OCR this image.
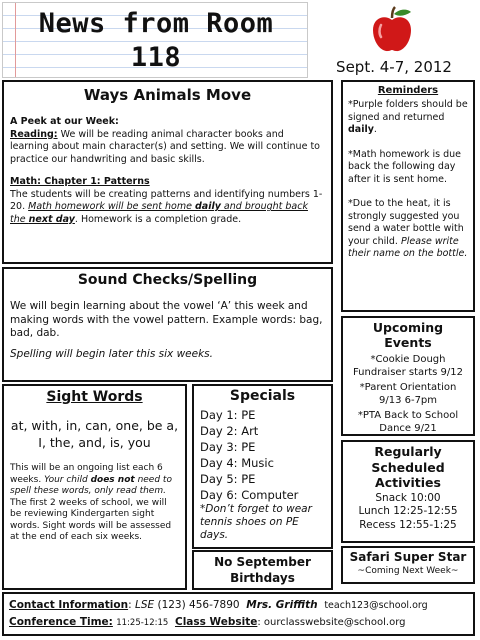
News from Room
118	Sept. 4-7, 2012
Ways Animals Move

A Peek at our Week:

Reading: We will be reading animal character books and learning about main character(s) and setting. We will continue to practice our handwriting and basic skills.

Math: Chapter 1: Patterns

The students will be creating patterns and identifying numbers 1-20. Math homework will be sent home daily and brought back the next day. Homework is a completion grade.

Reminders

*Purple folders should be signed and returned daily.

*Math homework is due back the following day after it is sent home.

*Due to the heat, it is strongly suggested you send a water bottle with your child. Please write their name on the bottle.

Sound Checks/Spelling

We will begin learning about the vowel ‘A’ this week and making words with the vowel pattern. Example words: bag, bad, dab.

Spelling will begin later this six weeks.

Upcoming Events
*Cookie Dough Fundraiser starts 9/12
*Parent Orientation 9/13 6-7pm
*PTA Back to School Dance 9/21
Sight Words
at, with, in, can, one, be a, I, the, and, is, you

This will be an ongoing list each 6 weeks. Your child does not need to spell these words, only read them. The first 2 weeks of school, we will be reviewing Kindergarten sight words. Sight words will be assessed at the end of each six weeks.

Specials
Day 1: PE
Day 2: Art
Day 3: PE
Day 4: Music
Day 5: PE
Day 6: Computer
*Don’t forget to wear tennis shoes on PE days.
No September Birthdays
Regularly Scheduled Activities
Snack 10:00
Lunch 12:25-12:55
Recess 12:55-1:25
Safari Super Star
~Coming Next Week~
Contact Information: LSE (123) 456-7890 Mrs. Griffith teach123@school.org
Conference Time: 11:25-12:15 Class Website: ourclasswebsite@school.org
